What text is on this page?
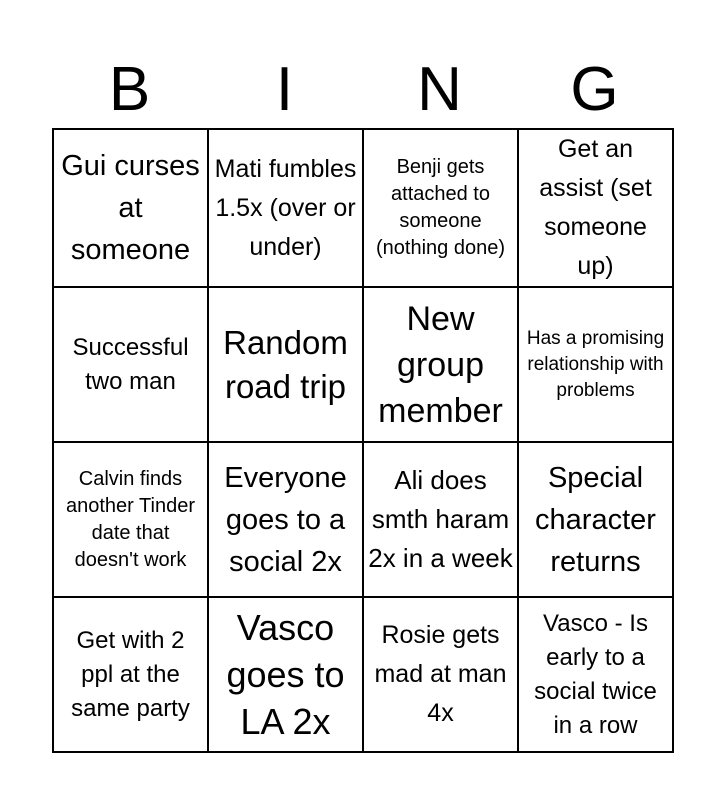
B	I	N	G
Gui curses at someone	Mati fumbles 1.5x (over or under)	Benji gets attached to someone (nothing done)	Get an assist (set someone up)
Successful two man	Random road trip	New group member	Has a promising relationship with problems
Calvin finds another Tinder date that doesn't work	Everyone goes to a social 2x	Ali does smth haram 2x in a week	Special character returns
Get with 2 ppl at the same party	Vasco goes to LA 2x	Rosie gets mad at man 4x	Vasco - Is early to a social twice in a row
